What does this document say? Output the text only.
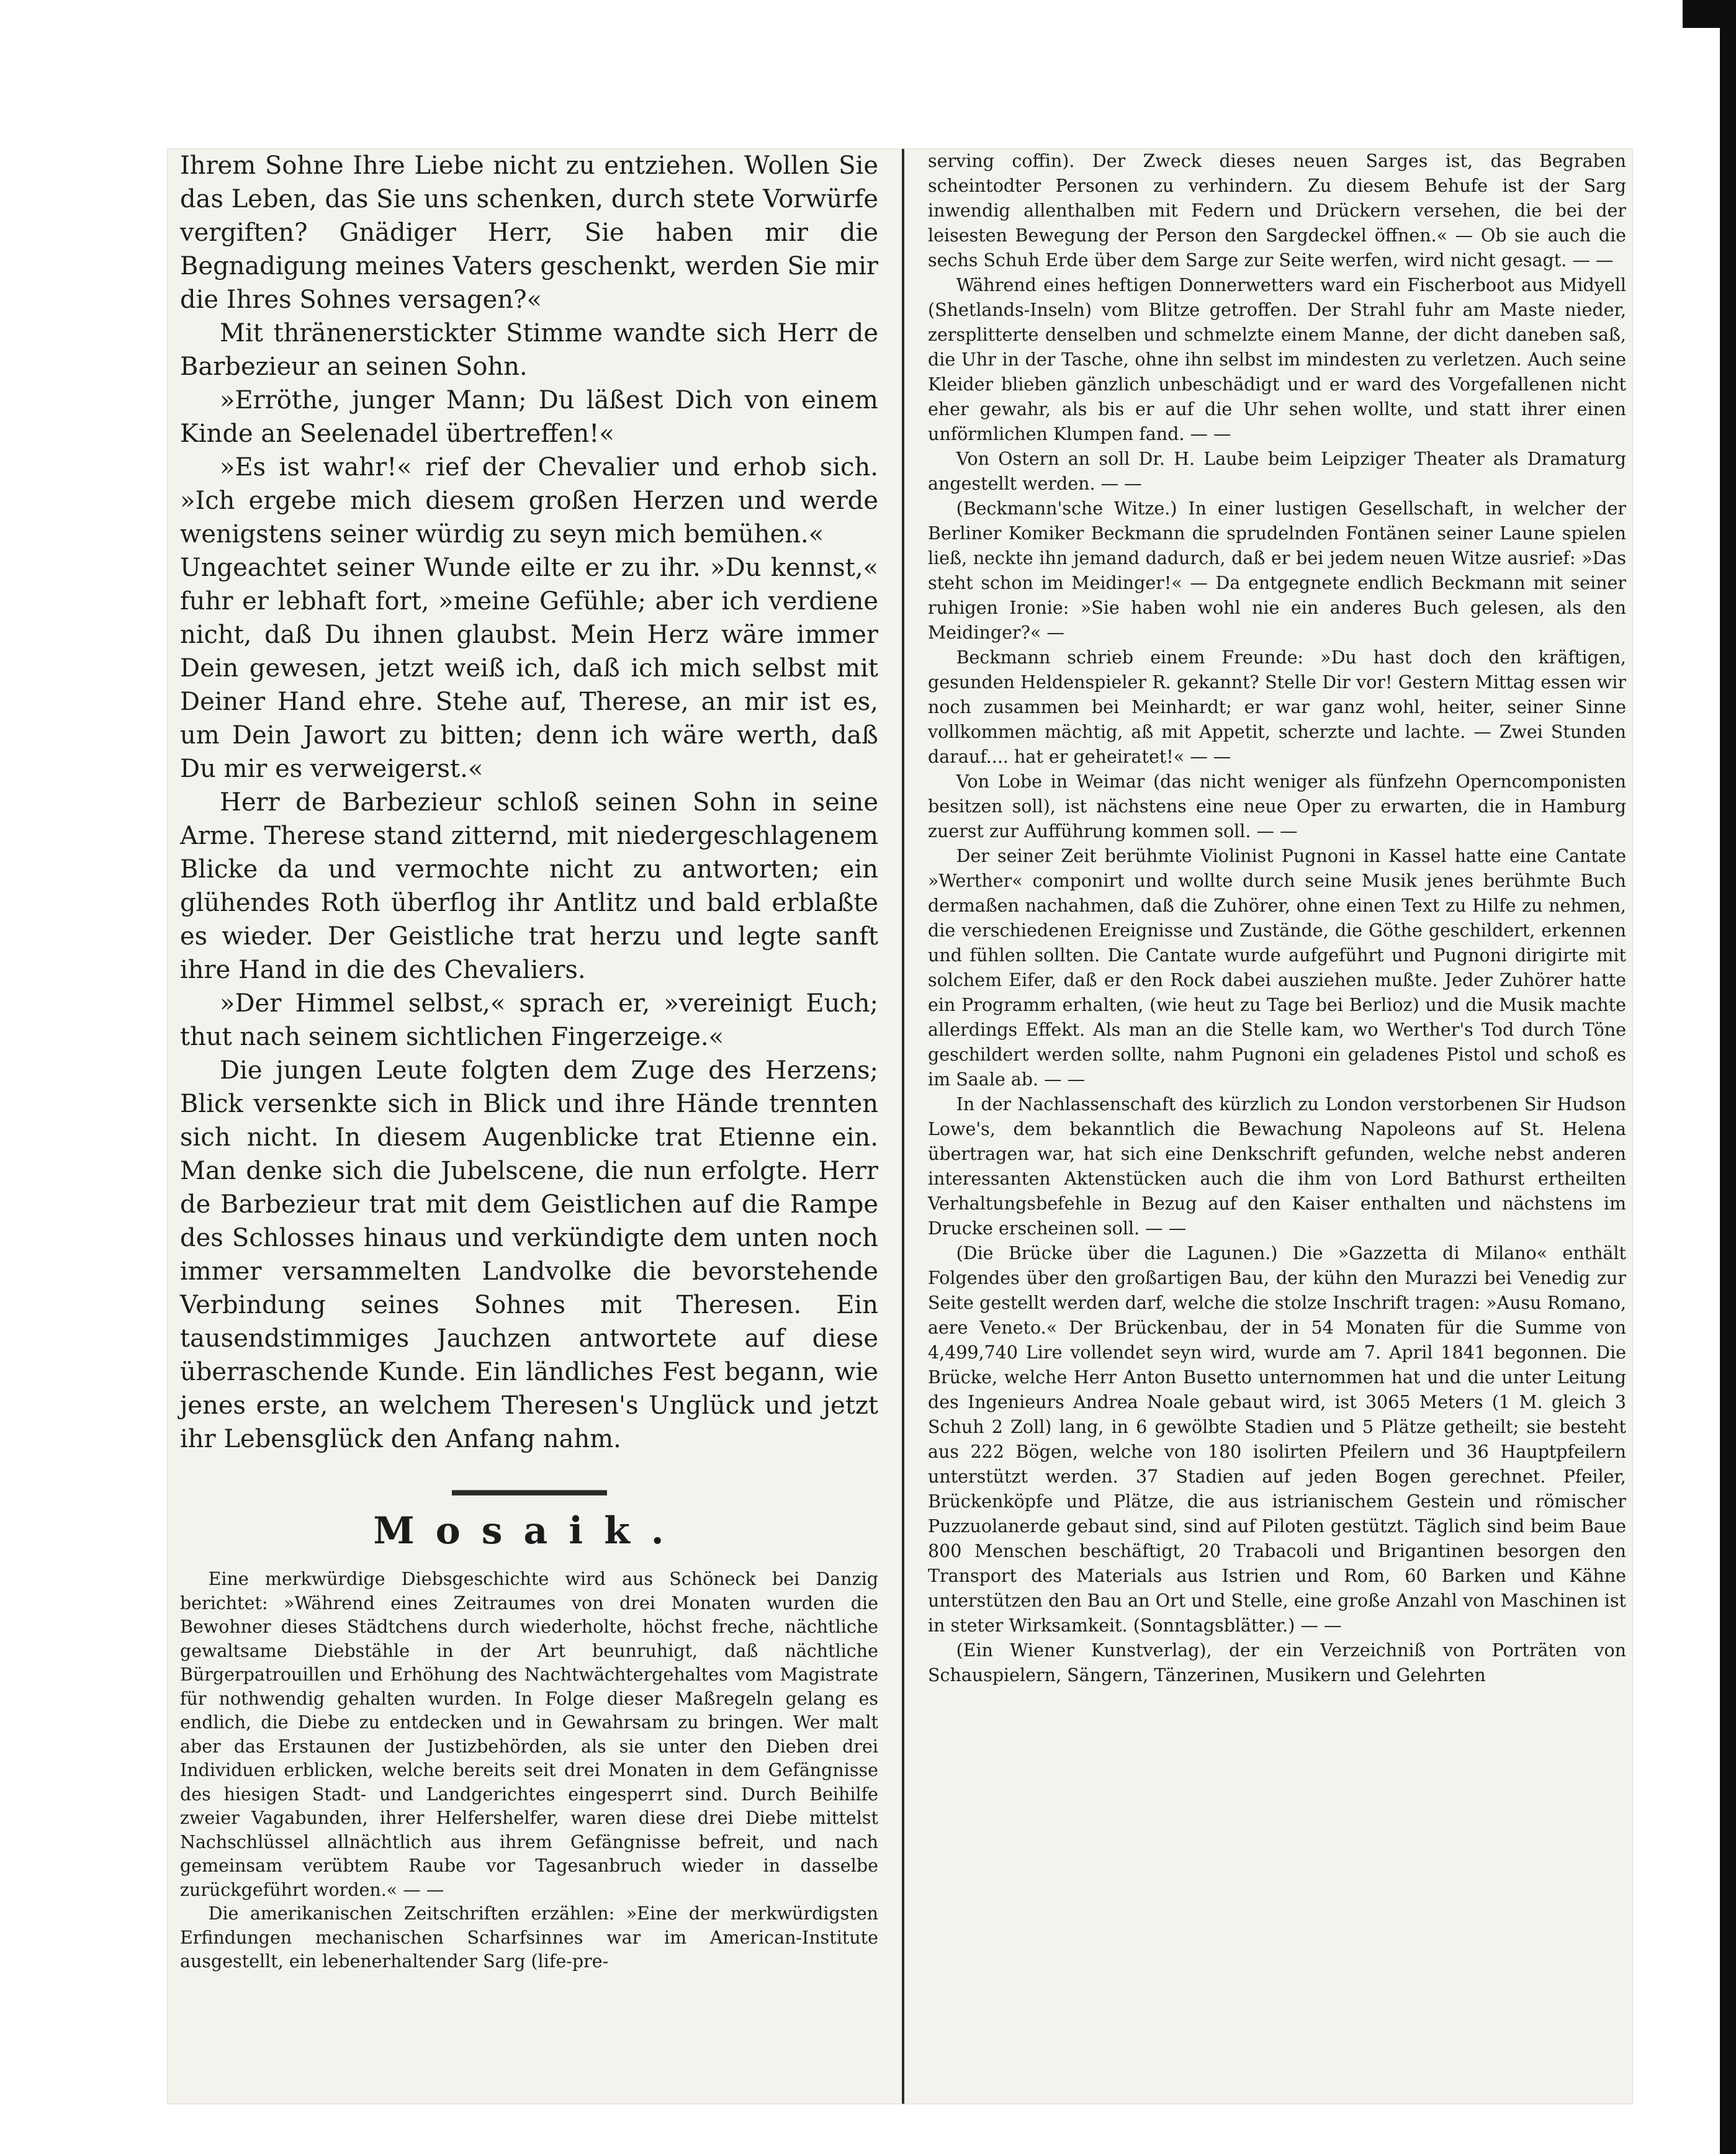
Ihrem Sohne Ihre Liebe nicht zu entziehen. Wollen Sie das Leben, das Sie uns schenken, durch stete Vorwürfe vergiften? Gnädiger Herr, Sie haben mir die Begnadigung meines Vaters geschenkt, werden Sie mir die Ihres Sohnes versagen?«

Mit thränenerstickter Stimme wandte sich Herr de Barbezieur an seinen Sohn.

»Erröthe, junger Mann; Du läßest Dich von einem Kinde an Seelenadel übertreffen!«

»Es ist wahr!« rief der Chevalier und erhob sich. »Ich ergebe mich diesem großen Herzen und werde wenigstens seiner würdig zu seyn mich bemühen.«

Ungeachtet seiner Wunde eilte er zu ihr. »Du kennst,« fuhr er lebhaft fort, »meine Gefühle; aber ich verdiene nicht, daß Du ihnen glaubst. Mein Herz wäre immer Dein gewesen, jetzt weiß ich, daß ich mich selbst mit Deiner Hand ehre. Stehe auf, Therese, an mir ist es, um Dein Jawort zu bitten; denn ich wäre werth, daß Du mir es verweigerst.«

Herr de Barbezieur schloß seinen Sohn in seine Arme. Therese stand zitternd, mit niedergeschlagenem Blicke da und vermochte nicht zu antworten; ein glühendes Roth überflog ihr Antlitz und bald erblaßte es wieder. Der Geistliche trat herzu und legte sanft ihre Hand in die des Chevaliers.

»Der Himmel selbst,« sprach er, »vereinigt Euch; thut nach seinem sichtlichen Fingerzeige.«

Die jungen Leute folgten dem Zuge des Herzens; Blick versenkte sich in Blick und ihre Hände trennten sich nicht. In diesem Augenblicke trat Etienne ein. Man denke sich die Jubelscene, die nun erfolgte. Herr de Barbezieur trat mit dem Geistlichen auf die Rampe des Schlosses hinaus und verkündigte dem unten noch immer versammelten Landvolke die bevorstehende Verbindung seines Sohnes mit Theresen. Ein tausendstimmiges Jauchzen antwortete auf diese überraschende Kunde. Ein ländliches Fest begann, wie jenes erste, an welchem Theresen's Unglück und jetzt ihr Lebensglück den Anfang nahm.

Mosaik.

Eine merkwürdige Diebsgeschichte wird aus Schöneck bei Danzig berichtet: »Während eines Zeitraumes von drei Monaten wurden die Bewohner dieses Städtchens durch wiederholte, höchst freche, nächtliche gewaltsame Diebstähle in der Art beunruhigt, daß nächtliche Bürgerpatrouillen und Erhöhung des Nachtwächtergehaltes vom Magistrate für nothwendig gehalten wurden. In Folge dieser Maßregeln gelang es endlich, die Diebe zu entdecken und in Gewahrsam zu bringen. Wer malt aber das Erstaunen der Justizbehörden, als sie unter den Dieben drei Individuen erblicken, welche bereits seit drei Monaten in dem Gefängnisse des hiesigen Stadt- und Landgerichtes eingesperrt sind. Durch Beihilfe zweier Vagabunden, ihrer Helfershelfer, waren diese drei Diebe mittelst Nachschlüssel allnächtlich aus ihrem Gefängnisse befreit, und nach gemeinsam verübtem Raube vor Tagesanbruch wieder in dasselbe zurückgeführt worden.« — —

Die amerikanischen Zeitschriften erzählen: »Eine der merkwürdigsten Erfindungen mechanischen Scharfsinnes war im American-Institute ausgestellt, ein lebenerhaltender Sarg (life-pre-

serving coffin). Der Zweck dieses neuen Sarges ist, das Begraben scheintodter Personen zu verhindern. Zu diesem Behufe ist der Sarg inwendig allenthalben mit Federn und Drückern versehen, die bei der leisesten Bewegung der Person den Sargdeckel öffnen.« — Ob sie auch die sechs Schuh Erde über dem Sarge zur Seite werfen, wird nicht gesagt. — —

Während eines heftigen Donnerwetters ward ein Fischerboot aus Midyell (Shetlands-Inseln) vom Blitze getroffen. Der Strahl fuhr am Maste nieder, zersplitterte denselben und schmelzte einem Manne, der dicht daneben saß, die Uhr in der Tasche, ohne ihn selbst im mindesten zu verletzen. Auch seine Kleider blieben gänzlich unbeschädigt und er ward des Vorgefallenen nicht eher gewahr, als bis er auf die Uhr sehen wollte, und statt ihrer einen unförmlichen Klumpen fand. — —

Von Ostern an soll Dr. H. Laube beim Leipziger Theater als Dramaturg angestellt werden. — —

(Beckmann'sche Witze.) In einer lustigen Gesellschaft, in welcher der Berliner Komiker Beckmann die sprudelnden Fontänen seiner Laune spielen ließ, neckte ihn jemand dadurch, daß er bei jedem neuen Witze ausrief: »Das steht schon im Meidinger!« — Da entgegnete endlich Beckmann mit seiner ruhigen Ironie: »Sie haben wohl nie ein anderes Buch gelesen, als den Meidinger?« —

Beckmann schrieb einem Freunde: »Du hast doch den kräftigen, gesunden Heldenspieler R. gekannt? Stelle Dir vor! Gestern Mittag essen wir noch zusammen bei Meinhardt; er war ganz wohl, heiter, seiner Sinne vollkommen mächtig, aß mit Appetit, scherzte und lachte. — Zwei Stunden darauf.... hat er geheiratet!« — —

Von Lobe in Weimar (das nicht weniger als fünfzehn Operncomponisten besitzen soll), ist nächstens eine neue Oper zu erwarten, die in Hamburg zuerst zur Aufführung kommen soll. — —

Der seiner Zeit berühmte Violinist Pugnoni in Kassel hatte eine Cantate »Werther« componirt und wollte durch seine Musik jenes berühmte Buch dermaßen nachahmen, daß die Zuhörer, ohne einen Text zu Hilfe zu nehmen, die verschiedenen Ereignisse und Zustände, die Göthe geschildert, erkennen und fühlen sollten. Die Cantate wurde aufgeführt und Pugnoni dirigirte mit solchem Eifer, daß er den Rock dabei ausziehen mußte. Jeder Zuhörer hatte ein Programm erhalten, (wie heut zu Tage bei Berlioz) und die Musik machte allerdings Effekt. Als man an die Stelle kam, wo Werther's Tod durch Töne geschildert werden sollte, nahm Pugnoni ein geladenes Pistol und schoß es im Saale ab. — —

In der Nachlassenschaft des kürzlich zu London verstorbenen Sir Hudson Lowe's, dem bekanntlich die Bewachung Napoleons auf St. Helena übertragen war, hat sich eine Denkschrift gefunden, welche nebst anderen interessanten Aktenstücken auch die ihm von Lord Bathurst ertheilten Verhaltungsbefehle in Bezug auf den Kaiser enthalten und nächstens im Drucke erscheinen soll. — —

(Die Brücke über die Lagunen.) Die »Gazzetta di Milano« enthält Folgendes über den großartigen Bau, der kühn den Murazzi bei Venedig zur Seite gestellt werden darf, welche die stolze Inschrift tragen: »Ausu Romano, aere Veneto.« Der Brückenbau, der in 54 Monaten für die Summe von 4,499,740 Lire vollendet seyn wird, wurde am 7. April 1841 begonnen. Die Brücke, welche Herr Anton Busetto unternommen hat und die unter Leitung des Ingenieurs Andrea Noale gebaut wird, ist 3065 Meters (1 M. gleich 3 Schuh 2 Zoll) lang, in 6 gewölbte Stadien und 5 Plätze getheilt; sie besteht aus 222 Bögen, welche von 180 isolirten Pfeilern und 36 Hauptpfeilern unterstützt werden. 37 Stadien auf jeden Bogen gerechnet. Pfeiler, Brückenköpfe und Plätze, die aus istrianischem Gestein und römischer Puzzuolanerde gebaut sind, sind auf Piloten gestützt. Täglich sind beim Baue 800 Menschen beschäftigt, 20 Trabacoli und Brigantinen besorgen den Transport des Materials aus Istrien und Rom, 60 Barken und Kähne unterstützen den Bau an Ort und Stelle, eine große Anzahl von Maschinen ist in steter Wirksamkeit. (Sonntagsblätter.) — —

(Ein Wiener Kunstverlag), der ein Verzeichniß von Porträten von Schauspielern, Sängern, Tänzerinen, Musikern und Gelehrten
